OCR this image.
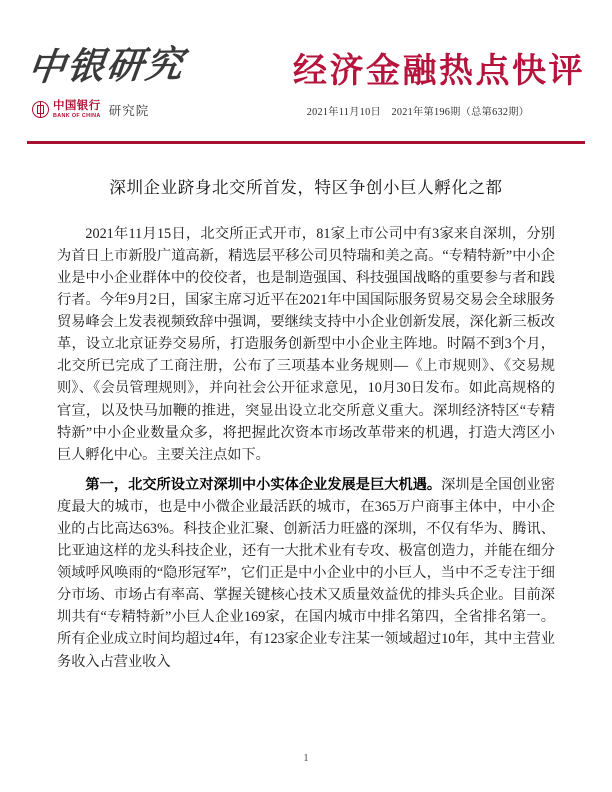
中银研究
中国银行
BANK OF CHINA 研究院
经济金融热点快评
2021年11月10日　2021年第196期（总第632期）
深圳企业跻身北交所首发，特区争创小巨人孵化之都

2021年11月15日，北交所正式开市，81家上市公司中有3家来自深圳，分别为首日上市新股广道高新，精选层平移公司贝特瑞和美之高。“专精特新”中小企业是中小企业群体中的佼佼者，也是制造强国、科技强国战略的重要参与者和践行者。今年9月2日，国家主席习近平在2021年中国国际服务贸易交易会全球服务贸易峰会上发表视频致辞中强调，要继续支持中小企业创新发展，深化新三板改革，设立北京证券交易所，打造服务创新型中小企业主阵地。时隔不到3个月，北交所已完成了工商注册，公布了三项基本业务规则—《上市规则》、《交易规则》、《会员管理规则》，并向社会公开征求意见，10月30日发布。如此高规格的官宣，以及快马加鞭的推进，突显出设立北交所意义重大。深圳经济特区“专精特新”中小企业数量众多，将把握此次资本市场改革带来的机遇，打造大湾区小巨人孵化中心。主要关注点如下。

第一，北交所设立对深圳中小实体企业发展是巨大机遇。深圳是全国创业密度最大的城市，也是中小微企业最活跃的城市，在365万户商事主体中，中小企业的占比高达63%。科技企业汇聚、创新活力旺盛的深圳，不仅有华为、腾讯、比亚迪这样的龙头科技企业，还有一大批术业有专攻、极富创造力，并能在细分领域呼风唤雨的“隐形冠军”，它们正是中小企业中的小巨人，当中不乏专注于细分市场、市场占有率高、掌握关键核心技术又质量效益优的排头兵企业。目前深圳共有“专精特新”小巨人企业169家，在国内城市中排名第四，全省排名第一。所有企业成立时间均超过4年，有123家企业专注某一领域超过10年，其中主营业务收入占营业收入

1
